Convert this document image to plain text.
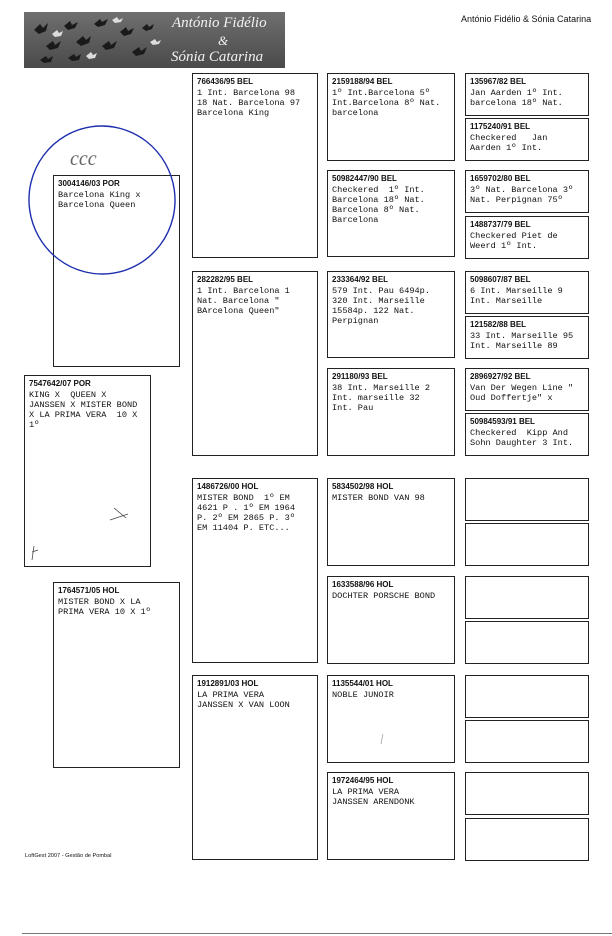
António Fidélio
&
Sónia Catarina
António Fidélio & Sónia Catarina
3004146/03 POR
Barcelona King x
Barcelona Queen
766436/95 BEL
1 Int. Barcelona 98
18 Nat. Barcelona 97
Barcelona King
2159188/94 BEL
1º Int.Barcelona 5º
Int.Barcelona 8º Nat.
barcelona
135967/82 BEL
Jan Aarden 1º Int.
barcelona 18º Nat.
1175240/91 BEL
Checkered   Jan
Aarden 1º Int.
50982447/90 BEL
Checkered  1º Int.
Barcelona 18º Nat.
Barcelona 8º Nat.
Barcelona
1659702/80 BEL
3º Nat. Barcelona 3º
Nat. Perpignan 75º
1488737/79 BEL
Checkered Piet de
Weerd 1º Int.
282282/95 BEL
1 Int. Barcelona 1
Nat. Barcelona "
BArcelona Queen"
233364/92 BEL
579 Int. Pau 6494p.
320 Int. Marseille
15584p. 122 Nat.
Perpignan
5098607/87 BEL
6 Int. Marseille 9
Int. Marseille
121582/88 BEL
33 Int. Marseille 95
Int. Marseille 89
7547642/07 POR
KING X  QUEEN X
JANSSEN X MISTER BOND
X LA PRIMA VERA  10 X
1º
291180/93 BEL
38 Int. Marseille 2
Int. marseille 32
Int. Pau
2896927/92 BEL
Van Der Wegen Line "
Oud Doffertje" x
50984593/91 BEL
Checkered  Kipp And
Sohn Daughter 3 Int.
1486726/00 HOL
MISTER BOND  1º EM
4621 P . 1º EM 1964
P. 2º EM 2865 P. 3º
EM 11404 P. ETC...
5834502/98 HOL
MISTER BOND VAN 98
1764571/05 HOL
MISTER BOND X LA
PRIMA VERA 10 X 1º
1633588/96 HOL
DOCHTER PORSCHE BOND
1912891/03 HOL
LA PRIMA VERA
JANSSEN X VAN LOON
1135544/01 HOL
NOBLE JUNOIR
1972464/95 HOL
LA PRIMA VERA
JANSSEN ARENDONK
ccc
LoftGest 2007 - Gestão de Pombal
